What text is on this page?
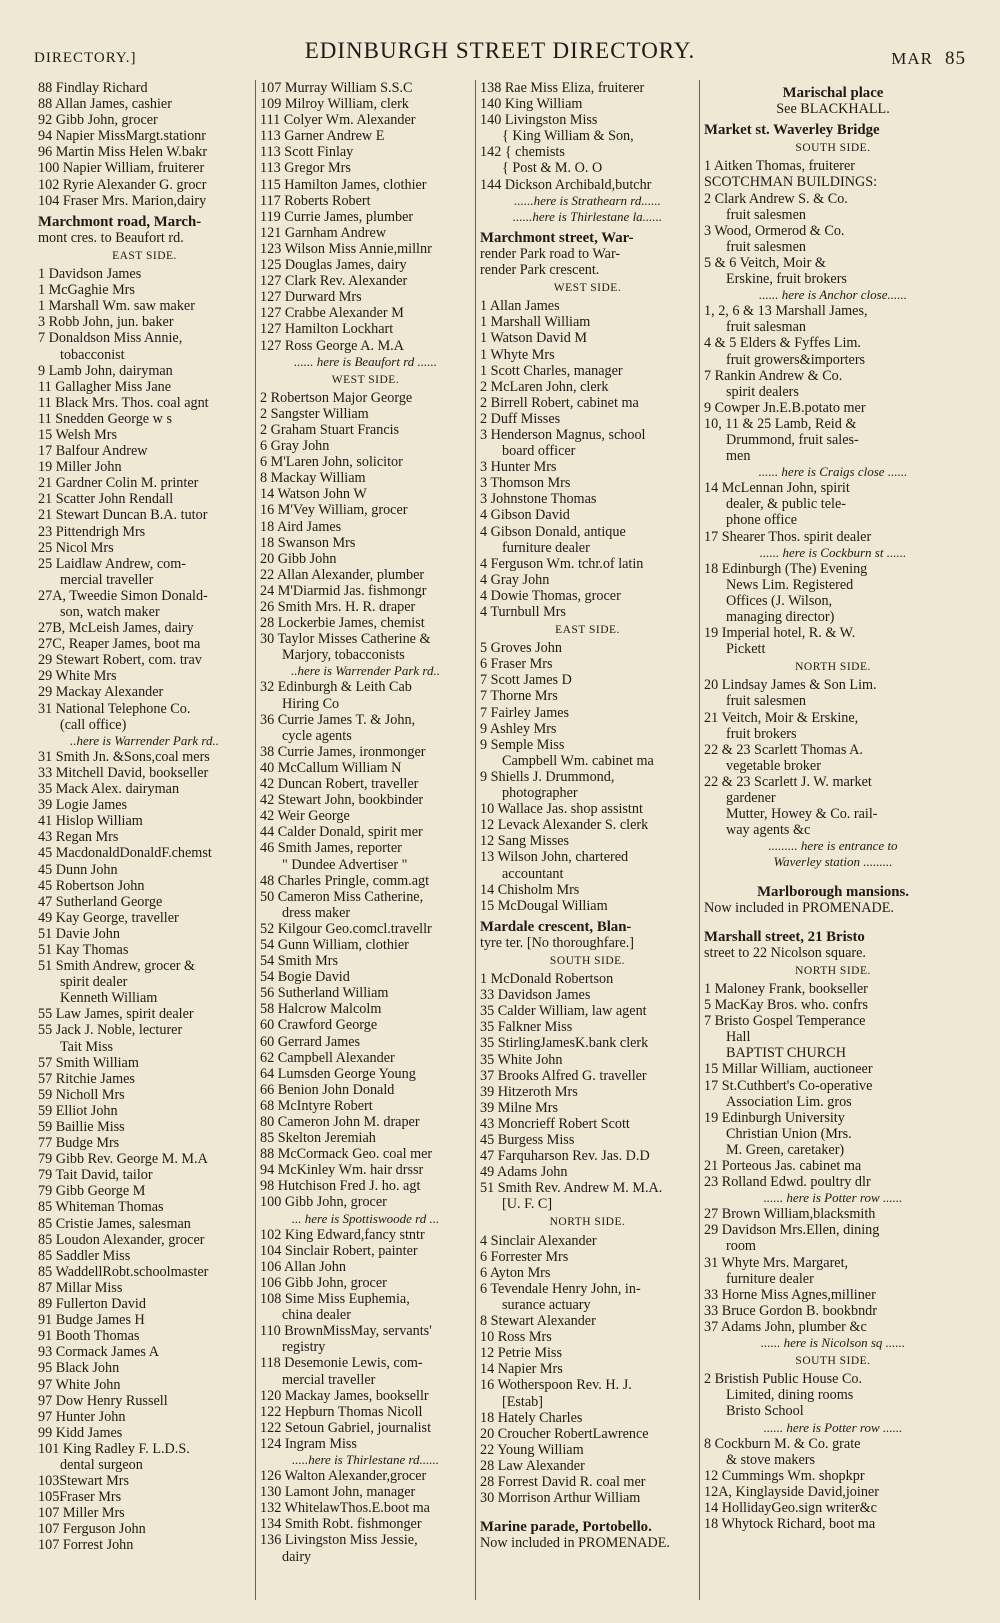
DIRECTORY.]	EDINBURGH STREET DIRECTORY.	MAR 85
88 Findlay Richard
88 Allan James, cashier
92 Gibb John, grocer
94 Napier MissMargt.stationr
96 Martin Miss Helen W.bakr
100 Napier William, fruiterer
102 Ryrie Alexander G. grocr
104 Fraser Mrs. Marion,dairy
Marchmont road, March-
mont cres. to Beaufort rd.
EAST SIDE.
1 Davidson James
1 McGaghie Mrs
1 Marshall Wm. saw maker
3 Robb John, jun. baker
7 Donaldson Miss Annie,
tobacconist
9 Lamb John, dairyman
11 Gallagher Miss Jane
11 Black Mrs. Thos. coal agnt
11 Snedden George w s
15 Welsh Mrs
17 Balfour Andrew
19 Miller John
21 Gardner Colin M. printer
21 Scatter John Rendall
21 Stewart Duncan B.A. tutor
23 Pittendrigh Mrs
25 Nicol Mrs
25 Laidlaw Andrew, com-
mercial traveller
27A, Tweedie Simon Donald-
son, watch maker
27B, McLeish James, dairy
27C, Reaper James, boot ma
29 Stewart Robert, com. trav
29 White Mrs
29 Mackay Alexander
31 National Telephone Co.
(call office)
..here is Warrender Park rd..
31 Smith Jn. &Sons,coal mers
33 Mitchell David, bookseller
35 Mack Alex. dairyman
39 Logie James
41 Hislop William
43 Regan Mrs
45 MacdonaldDonaldF.chemst
45 Dunn John
45 Robertson John
47 Sutherland George
49 Kay George, traveller
51 Davie John
51 Kay Thomas
51 Smith Andrew, grocer &
spirit dealer
Kenneth William
55 Law James, spirit dealer
55 Jack J. Noble, lecturer
Tait Miss
57 Smith William
57 Ritchie James
59 Nicholl Mrs
59 Elliot John
59 Baillie Miss
77 Budge Mrs
79 Gibb Rev. George M. M.A
79 Tait David, tailor
79 Gibb George M
85 Whiteman Thomas
85 Cristie James, salesman
85 Loudon Alexander, grocer
85 Saddler Miss
85 WaddellRobt.schoolmaster
87 Millar Miss
89 Fullerton David
91 Budge James H
91 Booth Thomas
93 Cormack James A
95 Black John
97 White John
97 Dow Henry Russell
97 Hunter John
99 Kidd James
101 King Radley F. L.D.S.
dental surgeon
103Stewart Mrs
105Fraser Mrs
107 Miller Mrs
107 Ferguson John
107 Forrest John
107 Murray William S.S.C
109 Milroy William, clerk
111 Colyer Wm. Alexander
113 Garner Andrew E
113 Scott Finlay
113 Gregor Mrs
115 Hamilton James, clothier
117 Roberts Robert
119 Currie James, plumber
121 Garnham Andrew
123 Wilson Miss Annie,millnr
125 Douglas James, dairy
127 Clark Rev. Alexander
127 Durward Mrs
127 Crabbe Alexander M
127 Hamilton Lockhart
127 Ross George A. M.A
...... here is Beaufort rd ......
WEST SIDE.
2 Robertson Major George
2 Sangster William
2 Graham Stuart Francis
6 Gray John
6 M'Laren John, solicitor
8 Mackay William
14 Watson John W
16 M'Vey William, grocer
18 Aird James
18 Swanson Mrs
20 Gibb John
22 Allan Alexander, plumber
24 M'Diarmid Jas. fishmongr
26 Smith Mrs. H. R. draper
28 Lockerbie James, chemist
30 Taylor Misses Catherine &
Marjory, tobacconists
..here is Warrender Park rd..
32 Edinburgh & Leith Cab
Hiring Co
36 Currie James T. & John,
cycle agents
38 Currie James, ironmonger
40 McCallum William N
42 Duncan Robert, traveller
42 Stewart John, bookbinder
42 Weir George
44 Calder Donald, spirit mer
46 Smith James, reporter
" Dundee Advertiser "
48 Charles Pringle, comm.agt
50 Cameron Miss Catherine,
dress maker
52 Kilgour Geo.comcl.travellr
54 Gunn William, clothier
54 Smith Mrs
54 Bogie David
56 Sutherland William
58 Halcrow Malcolm
60 Crawford George
60 Gerrard James
62 Campbell Alexander
64 Lumsden George Young
66 Benion John Donald
68 McIntyre Robert
80 Cameron John M. draper
85 Skelton Jeremiah
88 McCormack Geo. coal mer
94 McKinley Wm. hair drssr
98 Hutchison Fred J. ho. agt
100 Gibb John, grocer
... here is Spottiswoode rd ...
102 King Edward,fancy stntr
104 Sinclair Robert, painter
106 Allan John
106 Gibb John, grocer
108 Sime Miss Euphemia,
china dealer
110 BrownMissMay, servants'
registry
118 Desemonie Lewis, com-
mercial traveller
120 Mackay James, booksellr
122 Hepburn Thomas Nicoll
122 Setoun Gabriel, journalist
124 Ingram Miss
.....here is Thirlestane rd......
126 Walton Alexander,grocer
130 Lamont John, manager
132 WhitelawThos.E.boot ma
134 Smith Robt. fishmonger
136 Livingston Miss Jessie,
dairy
138 Rae Miss Eliza, fruiterer
140 King William
140 Livingston Miss
{ King William & Son,
142 { chemists
{ Post & M. O. O
144 Dickson Archibald,butchr
......here is Strathearn rd......
......here is Thirlestane la......
Marchmont street, War-
render Park road to War-
render Park crescent.
WEST SIDE.
1 Allan James
1 Marshall William
1 Watson David M
1 Whyte Mrs
1 Scott Charles, manager
2 McLaren John, clerk
2 Birrell Robert, cabinet ma
2 Duff Misses
3 Henderson Magnus, school
board officer
3 Hunter Mrs
3 Thomson Mrs
3 Johnstone Thomas
4 Gibson David
4 Gibson Donald, antique
furniture dealer
4 Ferguson Wm. tchr.of latin
4 Gray John
4 Dowie Thomas, grocer
4 Turnbull Mrs
EAST SIDE.
5 Groves John
6 Fraser Mrs
7 Scott James D
7 Thorne Mrs
7 Fairley James
9 Ashley Mrs
9 Semple Miss
Campbell Wm. cabinet ma
9 Shiells J. Drummond,
photographer
10 Wallace Jas. shop assistnt
12 Levack Alexander S. clerk
12 Sang Misses
13 Wilson John, chartered
accountant
14 Chisholm Mrs
15 McDougal William
Mardale crescent, Blan-
tyre ter. [No thoroughfare.]
SOUTH SIDE.
1 McDonald Robertson
33 Davidson James
35 Calder William, law agent
35 Falkner Miss
35 StirlingJamesK.bank clerk
35 White John
37 Brooks Alfred G. traveller
39 Hitzeroth Mrs
39 Milne Mrs
43 Moncrieff Robert Scott
45 Burgess Miss
47 Farquharson Rev. Jas. D.D
49 Adams John
51 Smith Rev. Andrew M. M.A.
[U. F. C]
NORTH SIDE.
4 Sinclair Alexander
6 Forrester Mrs
6 Ayton Mrs
6 Tevendale Henry John, in-
surance actuary
8 Stewart Alexander
10 Ross Mrs
12 Petrie Miss
14 Napier Mrs
16 Wotherspoon Rev. H. J.
[Estab]
18 Hately Charles
20 Croucher RobertLawrence
22 Young William
28 Law Alexander
28 Forrest David R. coal mer
30 Morrison Arthur William
Marine parade, Portobello.
Now included in PROMENADE.
Marischal place
See BLACKHALL.
Market st. Waverley Bridge
SOUTH SIDE.
1 Aitken Thomas, fruiterer
SCOTCHMAN BUILDINGS:
2 Clark Andrew S. & Co.
fruit salesmen
3 Wood, Ormerod & Co.
fruit salesmen
5 & 6 Veitch, Moir &
Erskine, fruit brokers
...... here is Anchor close......
1, 2, 6 & 13 Marshall James,
fruit salesman
4 & 5 Elders & Fyffes Lim.
fruit growers&importers
7 Rankin Andrew & Co.
spirit dealers
9 Cowper Jn.E.B.potato mer
10, 11 & 25 Lamb, Reid &
Drummond, fruit sales-
men
...... here is Craigs close ......
14 McLennan John, spirit
dealer, & public tele-
phone office
17 Shearer Thos. spirit dealer
...... here is Cockburn st ......
18 Edinburgh (The) Evening
News Lim. Registered
Offices (J. Wilson,
managing director)
19 Imperial hotel, R. & W.
Pickett
NORTH SIDE.
20 Lindsay James & Son Lim.
fruit salesmen
21 Veitch, Moir & Erskine,
fruit brokers
22 & 23 Scarlett Thomas A.
vegetable broker
22 & 23 Scarlett J. W. market
gardener
Mutter, Howey & Co. rail-
way agents &c
......... here is entrance to
Waverley station .........
Marlborough mansions.
Now included in PROMENADE.
Marshall street, 21 Bristo
street to 22 Nicolson square.
NORTH SIDE.
1 Maloney Frank, bookseller
5 MacKay Bros. who. confrs
7 Bristo Gospel Temperance
Hall
BAPTIST CHURCH
15 Millar William, auctioneer
17 St.Cuthbert's Co-operative
Association Lim. gros
19 Edinburgh University
Christian Union (Mrs.
M. Green, caretaker)
21 Porteous Jas. cabinet ma
23 Rolland Edwd. poultry dlr
...... here is Potter row ......
27 Brown William,blacksmith
29 Davidson Mrs.Ellen, dining
room
31 Whyte Mrs. Margaret,
furniture dealer
33 Horne Miss Agnes,milliner
33 Bruce Gordon B. bookbndr
37 Adams John, plumber &c
...... here is Nicolson sq ......
SOUTH SIDE.
2 Bristish Public House Co.
Limited, dining rooms
Bristo School
...... here is Potter row ......
8 Cockburn M. & Co. grate
& stove makers
12 Cummings Wm. shopkpr
12A, Kinglayside David,joiner
14 HollidayGeo.sign writer&c
18 Whytock Richard, boot ma
